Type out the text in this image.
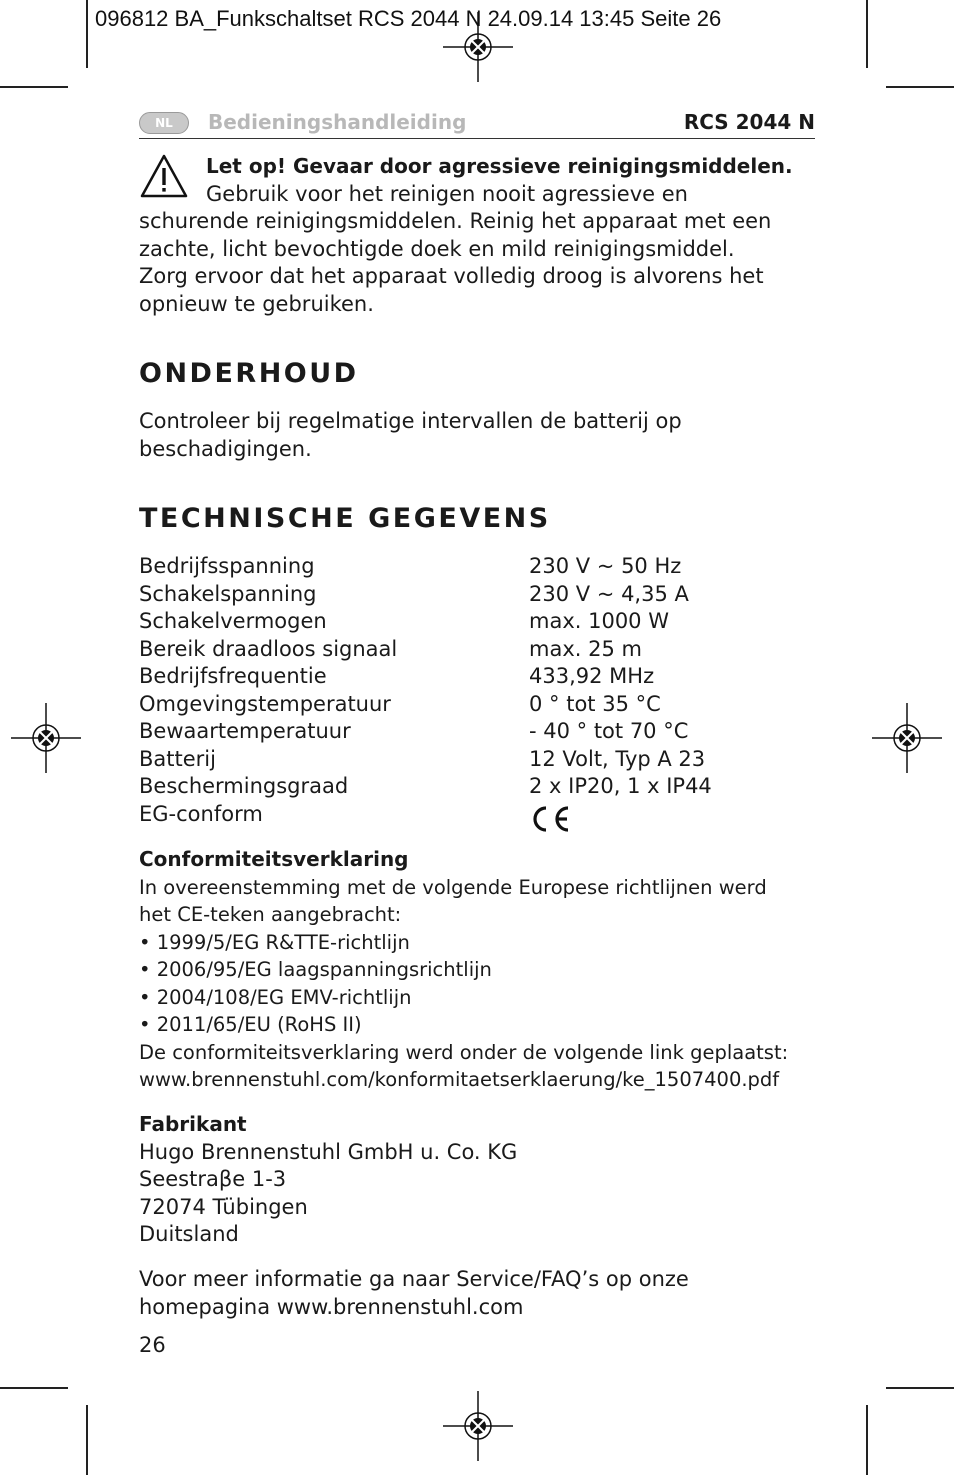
096812 BA_Funkschaltset RCS 2044 N 24.09.14 13:45 Seite 26
NL	Bedieningshandleiding	RCS 2044 N
Let op! Gevaar door agressieve reinigingsmiddelen.
Gebruik voor het reinigen nooit agressieve en
schurende reinigingsmiddelen. Reinig het apparaat met een
zachte, licht bevochtigde doek en mild reinigingsmiddel.
Zorg ervoor dat het apparaat volledig droog is alvorens het
opnieuw te gebruiken.
ONDERHOUD
Controleer bij regelmatige intervallen de batterij op
beschadigingen.
TECHNISCHE GEGEVENS
Bedrijfsspanning	230 V ~ 50 Hz
Schakelspanning	230 V ~ 4,35 A
Schakelvermogen	max. 1000 W
Bereik draadloos signaal	max. 25 m
Bedrijfsfrequentie	433,92 MHz
Omgevingstemperatuur	0 ° tot 35 °C
Bewaartemperatuur	- 40 ° tot 70 °C
Batterij	12 Volt, Typ A 23
Beschermingsgraad	2 x IP20, 1 x IP44
EG-conform
Conformiteitsverklaring
In overeenstemming met de volgende Europese richtlijnen werd
het CE-teken aangebracht:
• 1999/5/EG R&TTE-richtlijn
• 2006/95/EG laagspanningsrichtlijn
• 2004/108/EG EMV-richtlijn
• 2011/65/EU (RoHS II)
De conformiteitsverklaring werd onder de volgende link geplaatst:
www.brennenstuhl.com/konformitaetserklaerung/ke_1507400.pdf
Fabrikant
Hugo Brennenstuhl GmbH u. Co. KG
Seestraβe 1-3
72074 Tübingen
Duitsland
Voor meer informatie ga naar Service/FAQ’s op onze
homepagina www.brennenstuhl.com
26
